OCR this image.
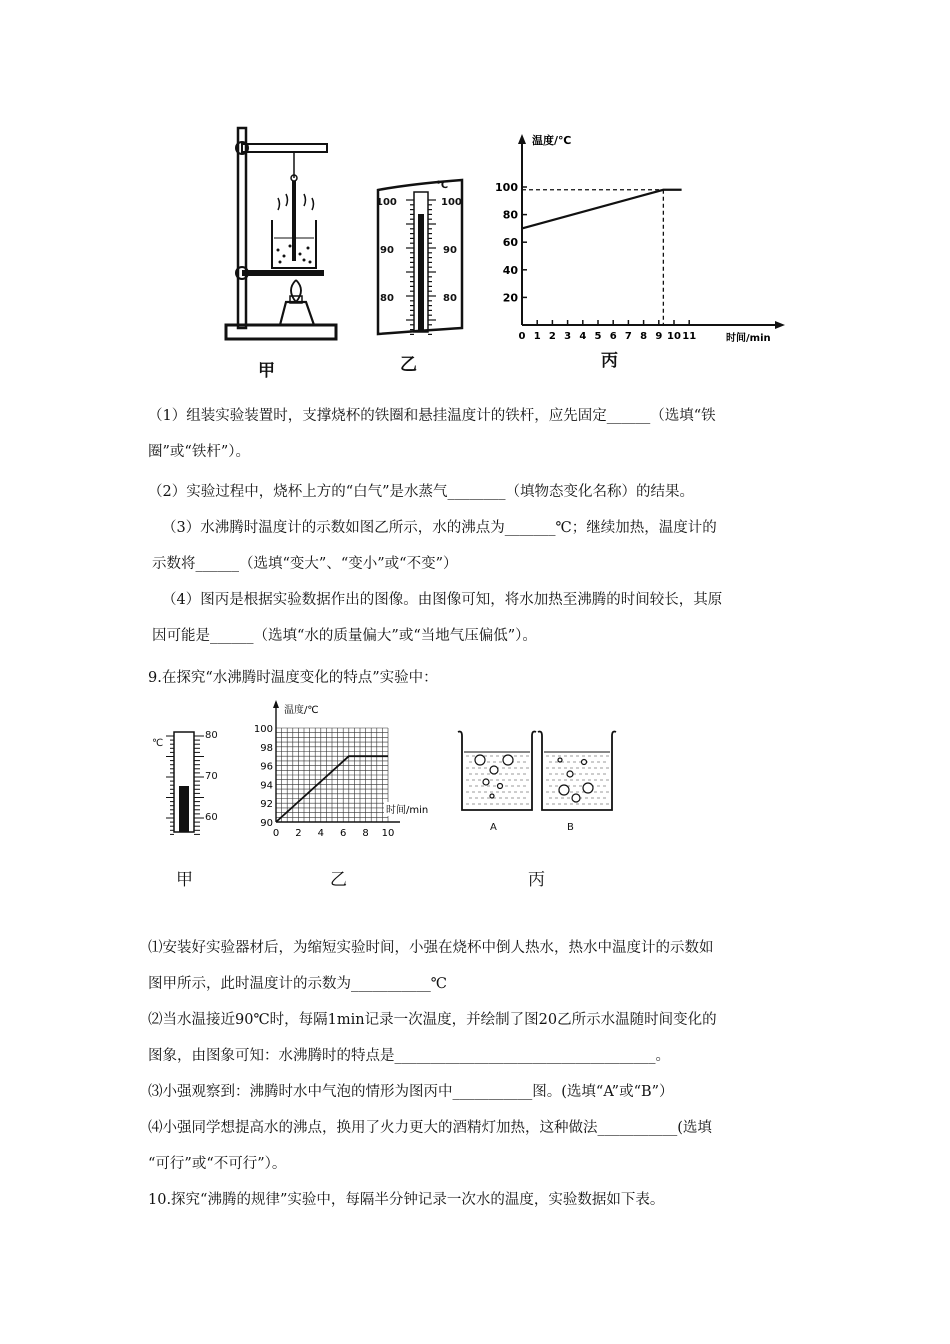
甲
100
90
80
100
90
80
℃
乙
温度/℃
时间/min
100
80
60
40
20
0 1 2 3 4 5 6 7 8 9 10 11
丙

（1）组装实验装置时，支撑烧杯的铁圈和悬挂温度计的铁杆，应先固定______（选填“铁

圈”或“铁杆”）。

（2）实验过程中，烧杯上方的“白气”是水蒸气________（填物态变化名称）的结果。

（3）水沸腾时温度计的示数如图乙所示，水的沸点为_______℃；继续加热，温度计的

示数将______（选填“变大”、“变小”或“不变”）

（4）图丙是根据实验数据作出的图像。由图像可知，将水加热至沸腾的时间较长，其原

因可能是______（选填“水的质量偏大”或“当地气压偏低”）。

9.在探究“水沸腾时温度变化的特点”实验中：
℃
80
70
60
甲
时间/min
温度/℃
100
98
96
94
92
90
0 2 4 6 8 10
乙
A	B
丙

⑴安装好实验器材后，为缩短实验时间，小强在烧杯中倒人热水，热水中温度计的示数如

图甲所示，此时温度计的示数为___________℃

⑵当水温接近90℃时，每隔1min记录一次温度，并绘制了图20乙所示水温随时间变化的

图象，由图象可知：水沸腾时的特点是____________________________________。

⑶小强观察到：沸腾时水中气泡的情形为图丙中___________图。(选填“A”或“B”）

⑷小强同学想提高水的沸点，换用了火力更大的酒精灯加热，这种做法___________(选填

“可行”或“不可行”）。

10.探究“沸腾的规律”实验中，每隔半分钟记录一次水的温度，实验数据如下表。
